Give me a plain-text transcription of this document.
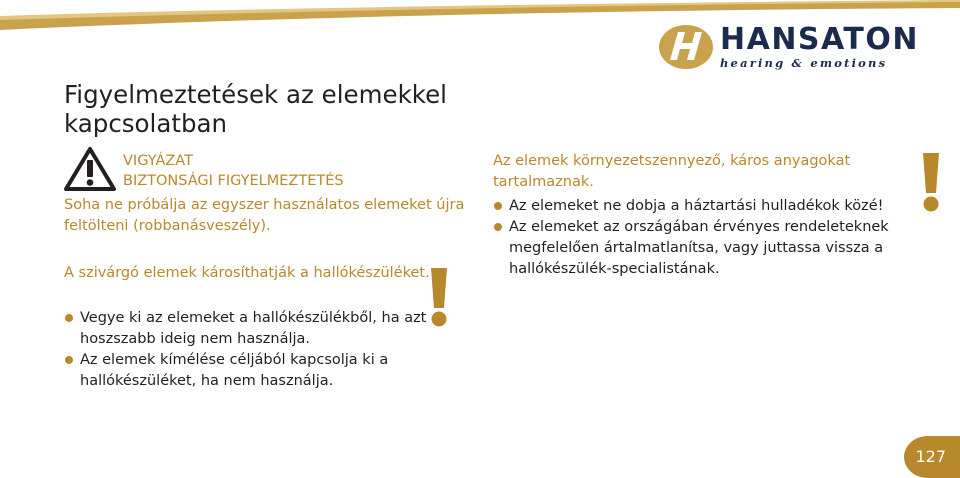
HANSATON
hearing & emotions
Figyelmeztetések az elemekkel kapcsolatban
VIGYÁZAT
BIZTONSÁGI FIGYELMEZTETÉS
Soha ne próbálja az egyszer használatos elemeket újra feltölteni (robbanásveszély).
A szivárgó elemek károsíthatják a hallókészüléket.
Vegye ki az elemeket a hallókészülékből, ha azt hoszszabb ideig nem használja.
Az elemek kímélése céljából kapcsolja ki a hallókészüléket, ha nem használja.
Az elemek környezetszennyező, káros anyagokat tartalmaznak.
Az elemeket ne dobja a háztartási hulladékok közé!
Az elemeket az országában érvényes rendeleteknek megfelelően ártalmatlanítsa, vagy juttassa vissza a hallókészülék-specialistának.
127
